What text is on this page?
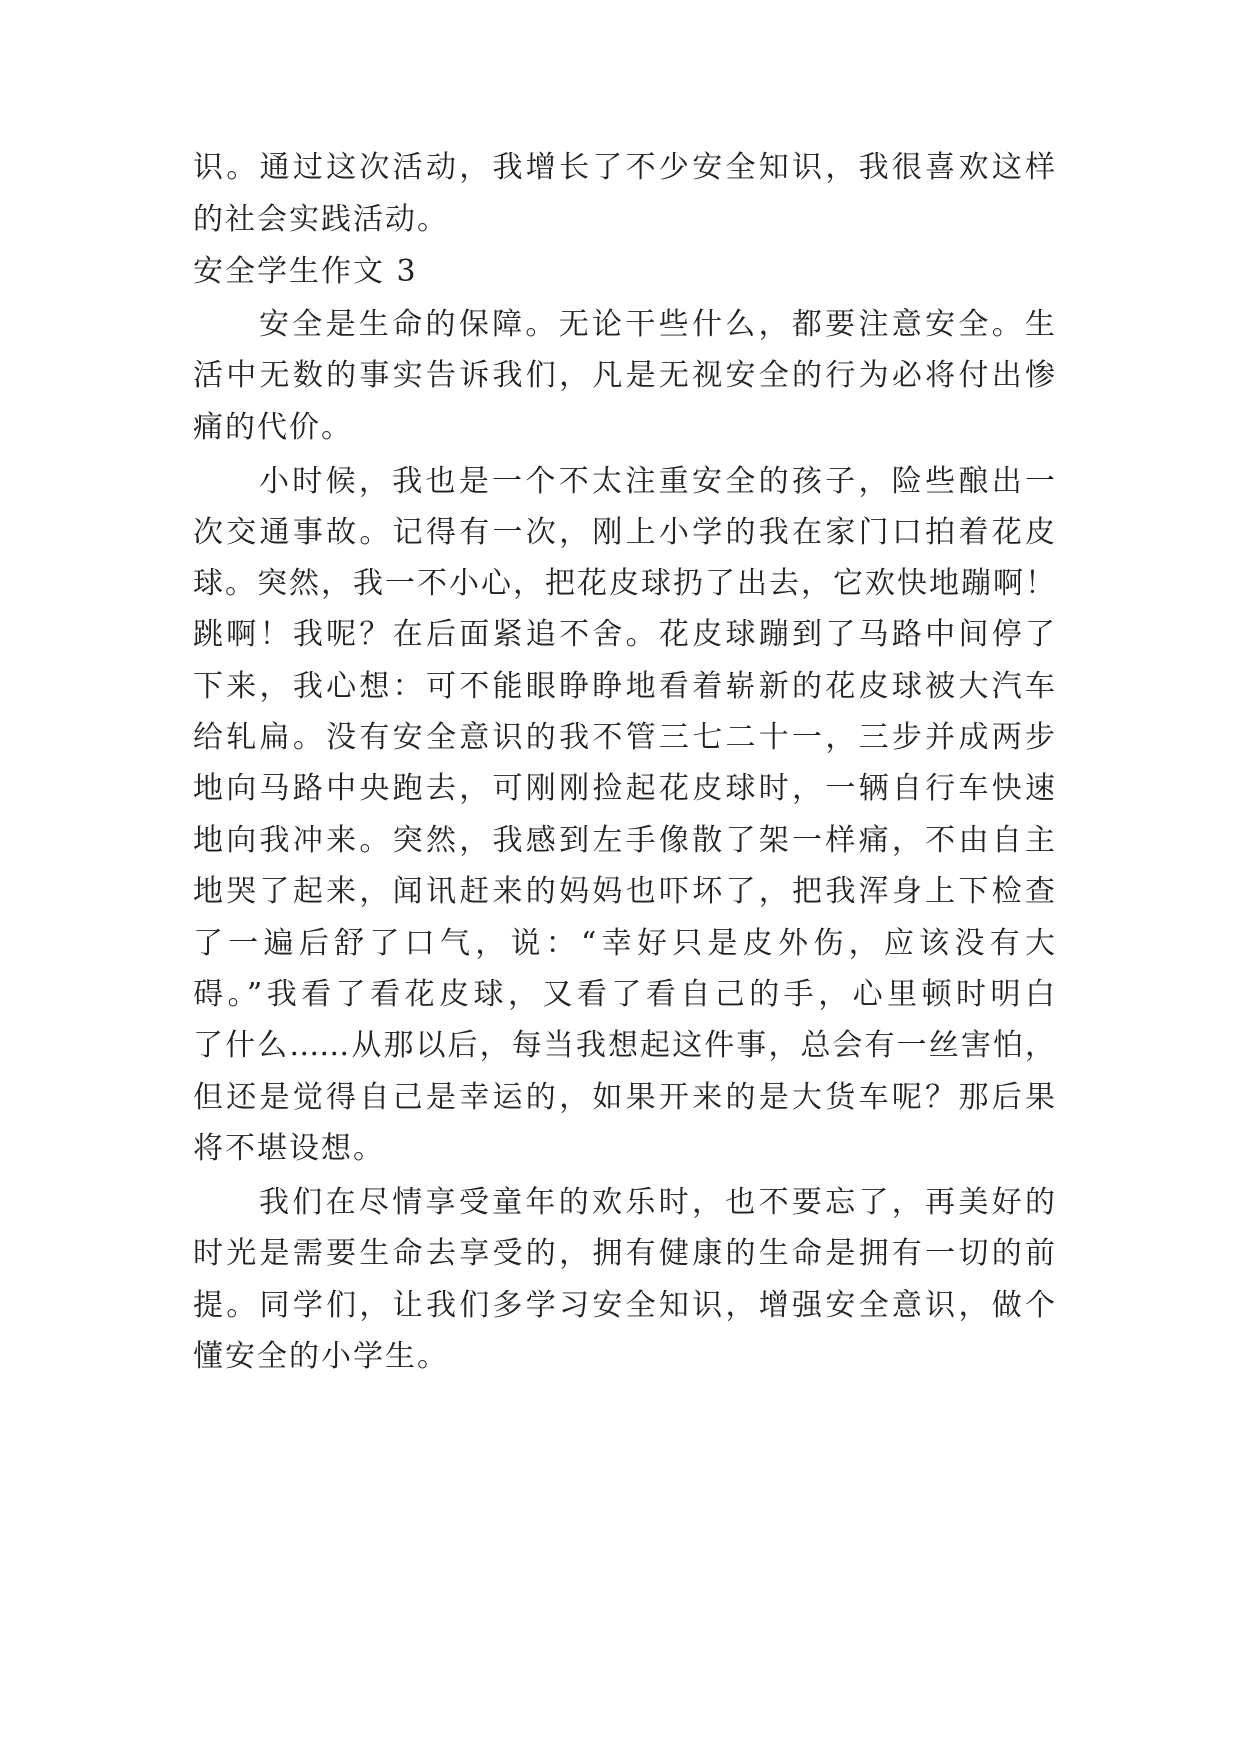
识。通过这次活动，我增长了不少安全知识，我很喜欢这样
的社会实践活动。
安全学生作文 3
安全是生命的保障。无论干些什么，都要注意安全。生
活中无数的事实告诉我们，凡是无视安全的行为必将付出惨
痛的代价。
小时候，我也是一个不太注重安全的孩子，险些酿出一
次交通事故。记得有一次，刚上小学的我在家门口拍着花皮
球。突然，我一不小心，把花皮球扔了出去，它欢快地蹦啊！
跳啊！我呢？在后面紧追不舍。花皮球蹦到了马路中间停了
下来，我心想：可不能眼睁睁地看着崭新的花皮球被大汽车
给轧扁。没有安全意识的我不管三七二十一，三步并成两步
地向马路中央跑去，可刚刚捡起花皮球时，一辆自行车快速
地向我冲来。突然，我感到左手像散了架一样痛，不由自主
地哭了起来，闻讯赶来的妈妈也吓坏了，把我浑身上下检查
了一遍后舒了口气，说：“幸好只是皮外伤，应该没有大
碍。”我看了看花皮球，又看了看自己的手，心里顿时明白
了什么……从那以后，每当我想起这件事，总会有一丝害怕，
但还是觉得自己是幸运的，如果开来的是大货车呢？那后果
将不堪设想。
我们在尽情享受童年的欢乐时，也不要忘了，再美好的
时光是需要生命去享受的，拥有健康的生命是拥有一切的前
提。同学们，让我们多学习安全知识，增强安全意识，做个
懂安全的小学生。
